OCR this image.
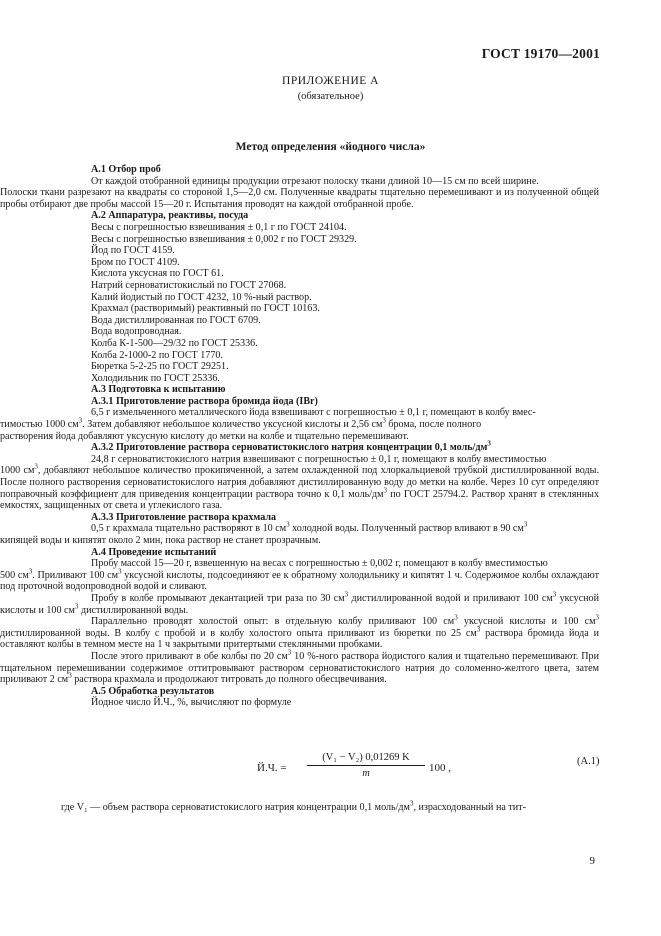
ГОСТ 19170—2001
ПРИЛОЖЕНИЕ А
(обязательное)
Метод определения «йодного числа»

А.1 Отбор проб

От каждой отобранной единицы продукции отрезают полоску ткани длиной 10—15 см по всей ширине.

Полоски ткани разрезают на квадраты со стороной 1,5—2,0 см. Полученные квадраты тщательно перемешивают и из полученной общей пробы отбирают две пробы массой 15—20 г. Испытания проводят на каждой отобранной пробе.

А.2 Аппаратура, реактивы, посуда

Весы с погрешностью взвешивания ± 0,1 г по ГОСТ 24104.

Весы с погрешностью взвешивания ± 0,002 г по ГОСТ 29329.

Йод по ГОСТ 4159.

Бром по ГОСТ 4109.

Кислота уксусная по ГОСТ 61.

Натрий серноватистокислый по ГОСТ 27068.

Калий йодистый по ГОСТ 4232, 10 %-ный раствор.

Крахмал (растворимый) реактивный по ГОСТ 10163.

Вода дистиллированная по ГОСТ 6709.

Вода водопроводная.

Колба К-1-500—29/32 по ГОСТ 25336.

Колба 2-1000-2 по ГОСТ 1770.

Бюретка 5-2-25 по ГОСТ 29251.

Холодильник по ГОСТ 25336.

А.3 Подготовка к испытанию

А.3.1 Приготовление раствора бромида йода (IBr)

6,5 г измельченного металлического йода взвешивают с погрешностью ± 0,1 г, помещают в колбу вмес-

тимостью 1000 $см^3$. Затем добавляют небольшое количество уксусной кислоты и 2,56 $см^3$ брома, после полного

растворения йода добавляют уксусную кислоту до метки на колбе и тщательно перемешивают.

А.3.2 Приготовление раствора серноватистокислого натрия концентрации 0,1 моль/$дм^3$

24,8 г серноватистокислого натрия взвешивают с погрешностью ± 0,1 г, помещают в колбу вместимостью

1000 $см^3$, добавляют небольшое количество прокипяченной, а затем охлажденной под хлоркальциевой трубкой дистиллированной воды. После полного растворения серноватистокислого натрия добавляют дистиллированную воду до метки на колбе. Через 10 сут определяют поправочный коэффициент для приведения концентрации раствора точно к 0,1 моль/$дм^3$ по ГОСТ 25794.2. Раствор хранят в стеклянных емкостях, защищенных от света и углекислого газа.

А.3.3 Приготовление раствора крахмала

0,5 г крахмала тщательно растворяют в 10 $см^3$ холодной воды. Полученный раствор вливают в 90 $см^3$

кипящей воды и кипятят около 2 мин, пока раствор не станет прозрачным.

А.4 Проведение испытаний

Пробу массой 15—20 г, взвешенную на весах с погрешностью ± 0,002 г, помещают в колбу вместимостью

500 $см^3$. Приливают 100 $см^3$ уксусной кислоты, подсоединяют ее к обратному холодильнику и кипятят 1 ч. Содержимое колбы охлаждают под проточной водопроводной водой и сливают.

Пробу в колбе промывают декантацией три раза по 30 $см^3$ дистиллированной водой и приливают 100 $см^3$ уксусной кислоты и 100 $см^3$ дистиллированной воды.

Параллельно проводят холостой опыт: в отдельную колбу приливают 100 $см^3$ уксусной кислоты и 100 $см^3$ дистиллированной воды. В колбу с пробой и в колбу холостого опыта приливают из бюретки по 25 $см^3$ раствора бромида йода и оставляют колбы в темном месте на 1 ч закрытыми притертыми стеклянными пробками.

После этого приливают в обе колбы по 20 $см^3$ 10 %-ного раствора йодистого калия и тщательно перемешивают. При тщательном перемешивании содержимое оттитровывают раствором серноватистокислого натрия до соломенно-желтого цвета, затем приливают 2 $см^3$ раствора крахмала и продолжают титровать до полного обесцвечивания.

А.5 Обработка результатов

Йодное число Й.Ч., %, вычисляют по формуле

Й.Ч. = $\frac{\text{(V₁ − V₂) 0,01269 K}}{m} 100$ ,
(А.1)
где V₁ — объем раствора серноватистокислого натрия концентрации 0,1 моль/$дм^3$, израсходованный на тит-
9
